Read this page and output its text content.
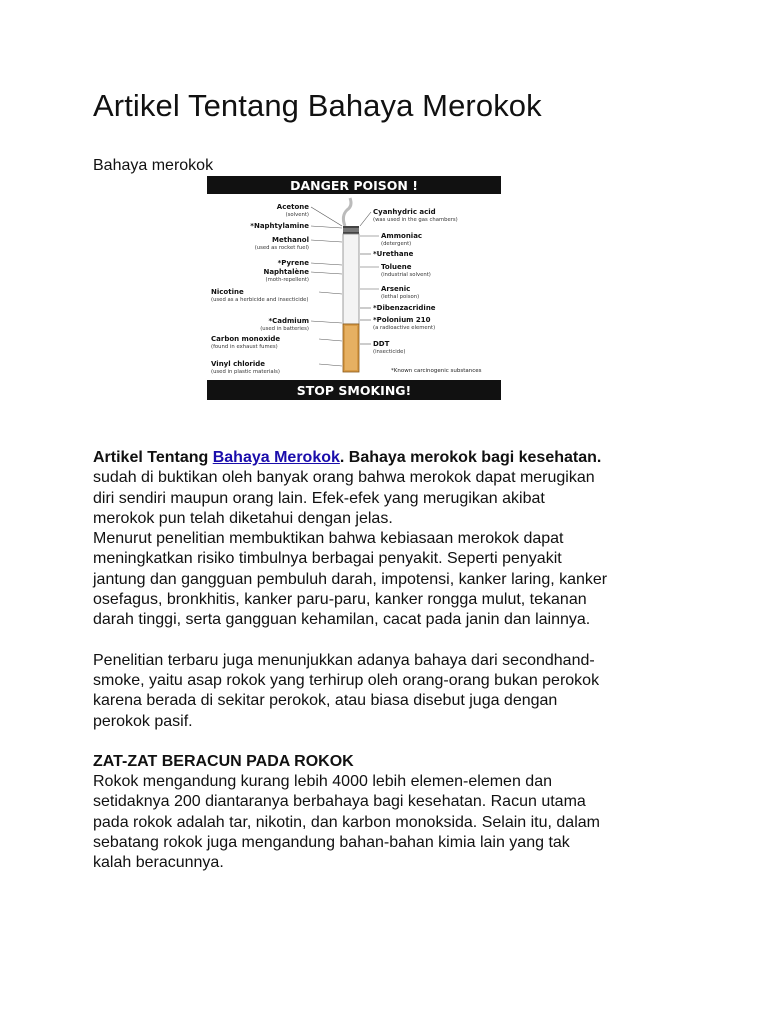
Artikel Tentang Bahaya Merokok
Bahaya merokok
DANGER POISON !
STOP SMOKING!
Acetone
(solvent)
*Naphtylamine
Methanol
(used as rocket fuel)
*Pyrene
Naphtalène
(moth-repellent)
Nicotine
(used as a herbicide and insecticide)
*Cadmium
(used in batteries)
Carbon monoxide
(found in exhaust fumes)
Vinyl chloride
(used in plastic materials)
Cyanhydric acid
(was used in the gas chambers)
Ammoniac
(detergent)
*Urethane
Toluene
(industrial solvent)
Arsenic
(lethal poison)
*Dibenzacridine
*Polonium 210
(a radioactive element)
DDT
(insecticide)
*Known carcinogenic substances

Artikel Tentang Bahaya Merokok. Bahaya merokok bagi kesehatan.

sudah di buktikan oleh banyak orang bahwa merokok dapat merugikan
diri sendiri maupun orang lain. Efek-efek yang merugikan akibat
merokok pun telah diketahui dengan jelas.
Menurut penelitian membuktikan bahwa kebiasaan merokok dapat
meningkatkan risiko timbulnya berbagai penyakit. Seperti penyakit
jantung dan gangguan pembuluh darah, impotensi, kanker laring, kanker
osefagus, bronkhitis, kanker paru-paru, kanker rongga mulut, tekanan
darah tinggi, serta gangguan kehamilan, cacat pada janin dan lainnya.
Penelitian terbaru juga menunjukkan adanya bahaya dari secondhand-
smoke, yaitu asap rokok yang terhirup oleh orang-orang bukan perokok
karena berada di sekitar perokok, atau biasa disebut juga dengan
perokok pasif.

ZAT-ZAT BERACUN PADA ROKOK

Rokok mengandung kurang lebih 4000 lebih elemen-elemen dan
setidaknya 200 diantaranya berbahaya bagi kesehatan. Racun utama
pada rokok adalah tar, nikotin, dan karbon monoksida. Selain itu, dalam
sebatang rokok juga mengandung bahan-bahan kimia lain yang tak
kalah beracunnya.
